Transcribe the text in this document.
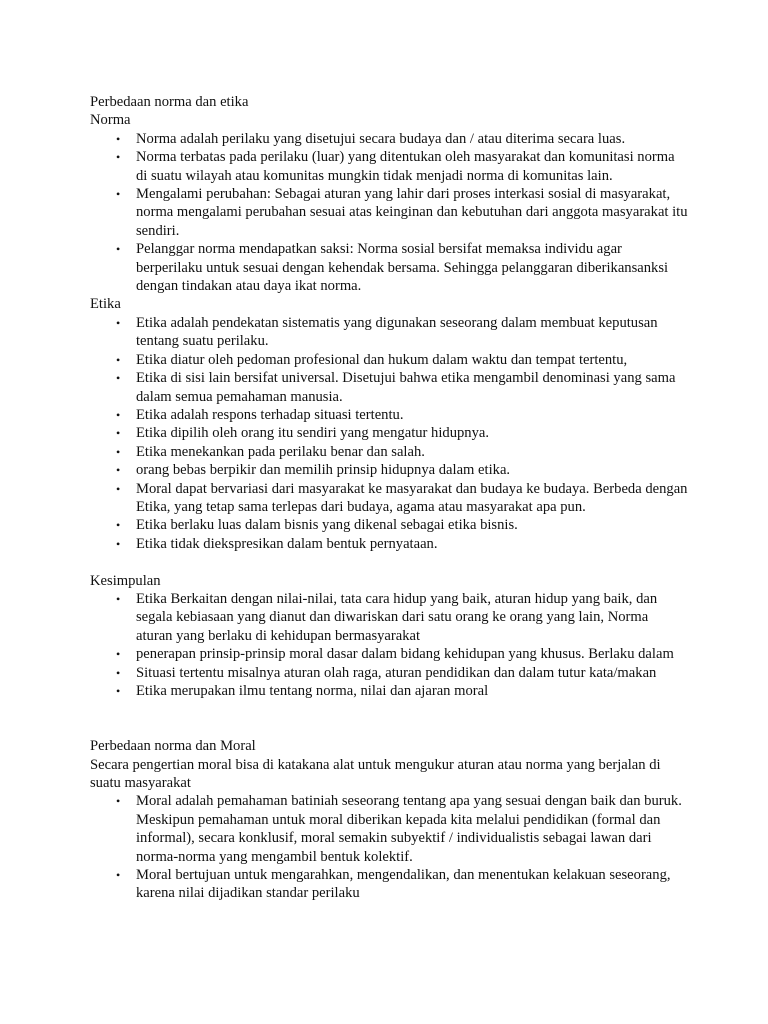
Perbedaan norma dan etika

Norma

• Norma adalah perilaku yang disetujui secara budaya dan / atau diterima secara luas.
• Norma terbatas pada perilaku (luar) yang ditentukan oleh masyarakat dan komunitasi norma di suatu wilayah atau komunitas mungkin tidak menjadi norma di komunitas lain.
• Mengalami perubahan: Sebagai aturan yang lahir dari proses interkasi sosial di masyarakat, norma mengalami perubahan sesuai atas keinginan dan kebutuhan dari anggota masyarakat itu sendiri.
• Pelanggar norma mendapatkan saksi: Norma sosial bersifat memaksa individu agar berperilaku untuk sesuai dengan kehendak bersama. Sehingga pelanggaran diberikansanksi dengan tindakan atau daya ikat norma.

Etika

• Etika adalah pendekatan sistematis yang digunakan seseorang dalam membuat keputusan tentang suatu perilaku.
• Etika diatur oleh pedoman profesional dan hukum dalam waktu dan tempat tertentu,
• Etika di sisi lain bersifat universal. Disetujui bahwa etika mengambil denominasi yang sama dalam semua pemahaman manusia.
• Etika adalah respons terhadap situasi tertentu.
• Etika dipilih oleh orang itu sendiri yang mengatur hidupnya.
• Etika menekankan pada perilaku benar dan salah.
• orang bebas berpikir dan memilih prinsip hidupnya dalam etika.
• Moral dapat bervariasi dari masyarakat ke masyarakat dan budaya ke budaya. Berbeda dengan Etika, yang tetap sama terlepas dari budaya, agama atau masyarakat apa pun.
• Etika berlaku luas dalam bisnis yang dikenal sebagai etika bisnis.
• Etika tidak diekspresikan dalam bentuk pernyataan.

Kesimpulan

• Etika Berkaitan dengan nilai-nilai, tata cara hidup yang baik, aturan hidup yang baik, dan segala kebiasaan yang dianut dan diwariskan dari satu orang ke orang yang lain, Norma aturan yang berlaku di kehidupan bermasyarakat
• penerapan prinsip-prinsip moral dasar dalam bidang kehidupan yang khusus. Berlaku dalam
• Situasi tertentu misalnya aturan olah raga, aturan pendidikan dan dalam tutur kata/makan
• Etika merupakan ilmu tentang norma, nilai dan ajaran moral

Perbedaan norma dan Moral

Secara pengertian moral bisa di katakana alat untuk mengukur aturan atau norma yang berjalan di suatu masyarakat

• Moral adalah pemahaman batiniah seseorang tentang apa yang sesuai dengan baik dan buruk. Meskipun pemahaman untuk moral diberikan kepada kita melalui pendidikan (formal dan informal), secara konklusif, moral semakin subyektif / individualistis sebagai lawan dari norma-norma yang mengambil bentuk kolektif.
• Moral bertujuan untuk mengarahkan, mengendalikan, dan menentukan kelakuan seseorang, karena nilai dijadikan standar perilaku
